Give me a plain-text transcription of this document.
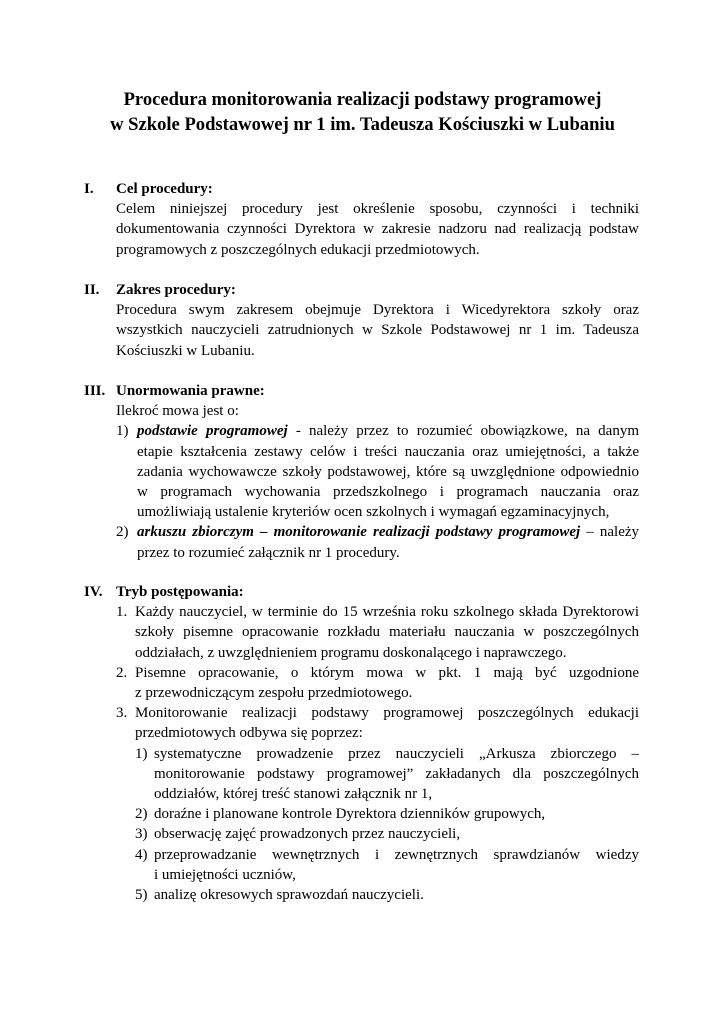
Procedura monitorowania realizacji podstawy programowej
w Szkole Podstawowej nr 1 im. Tadeusza Kościuszki w Lubaniu
I.	Cel procedury:
Celem niniejszej procedury jest określenie sposobu, czynności i techniki
dokumentowania czynności Dyrektora w zakresie nadzoru nad realizacją podstaw
programowych z poszczególnych edukacji przedmiotowych.
II.	Zakres procedury:
Procedura swym zakresem obejmuje Dyrektora i Wicedyrektora szkoły oraz
wszystkich nauczycieli zatrudnionych w Szkole Podstawowej nr 1 im. Tadeusza
Kościuszki w Lubaniu.
III. Unormowania prawne:
Ilekroć mowa jest o:
1) podstawie programowej - należy przez to rozumieć obowiązkowe, na danym
etapie kształcenia zestawy celów i treści nauczania oraz umiejętności, a także
zadania wychowawcze szkoły podstawowej, które są uwzględnione odpowiednio
w programach wychowania przedszkolnego i programach nauczania oraz
umożliwiają ustalenie kryteriów ocen szkolnych i wymagań egzaminacyjnych,
2) arkuszu zbiorczym – monitorowanie realizacji podstawy programowej – należy
przez to rozumieć załącznik nr 1 procedury.
IV. Tryb postępowania:
1. Każdy nauczyciel, w terminie do 15 września roku szkolnego składa Dyrektorowi
szkoły pisemne opracowanie rozkładu materiału nauczania w poszczególnych
oddziałach, z uwzględnieniem programu doskonalącego i naprawczego.
2. Pisemne opracowanie, o którym mowa w pkt. 1 mają być uzgodnione
z przewodniczącym zespołu przedmiotowego.
3. Monitorowanie realizacji podstawy programowej poszczególnych edukacji
przedmiotowych odbywa się poprzez:
1) systematyczne prowadzenie przez nauczycieli „Arkusza zbiorczego –
monitorowanie podstawy programowej” zakładanych dla poszczególnych
oddziałów, której treść stanowi załącznik nr 1,
2) doraźne i planowane kontrole Dyrektora dzienników grupowych,
3) obserwację zajęć prowadzonych przez nauczycieli,
4) przeprowadzanie wewnętrznych i zewnętrznych sprawdzianów wiedzy
i umiejętności uczniów,
5) analizę okresowych sprawozdań nauczycieli.
